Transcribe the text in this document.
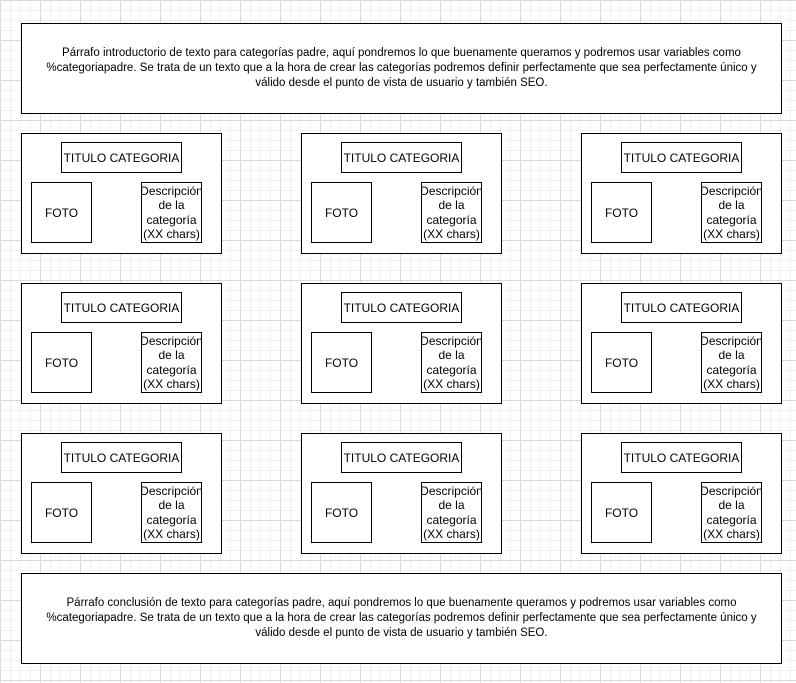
Párrafo introductorio de texto para categorías padre, aquí pondremos lo que buenamente queramos y podremos usar variables como
%categoriapadre. Se trata de un texto que a la hora de crear las categorías podremos definir perfectamente que sea perfectamente único y
válido desde el punto de vista de usuario y también SEO.
TITULO CATEGORIA
FOTO
Descripción
de la
categoría
(XX chars)
TITULO CATEGORIA
FOTO
Descripción
de la
categoría
(XX chars)
TITULO CATEGORIA
FOTO
Descripción
de la
categoría
(XX chars)
TITULO CATEGORIA
FOTO
Descripción
de la
categoría
(XX chars)
TITULO CATEGORIA
FOTO
Descripción
de la
categoría
(XX chars)
TITULO CATEGORIA
FOTO
Descripción
de la
categoría
(XX chars)
TITULO CATEGORIA
FOTO
Descripción
de la
categoría
(XX chars)
TITULO CATEGORIA
FOTO
Descripción
de la
categoría
(XX chars)
TITULO CATEGORIA
FOTO
Descripción
de la
categoría
(XX chars)
Párrafo conclusión de texto para categorías padre, aquí pondremos lo que buenamente queramos y podremos usar variables como
%categoriapadre. Se trata de un texto que a la hora de crear las categorías podremos definir perfectamente que sea perfectamente único y
válido desde el punto de vista de usuario y también SEO.
